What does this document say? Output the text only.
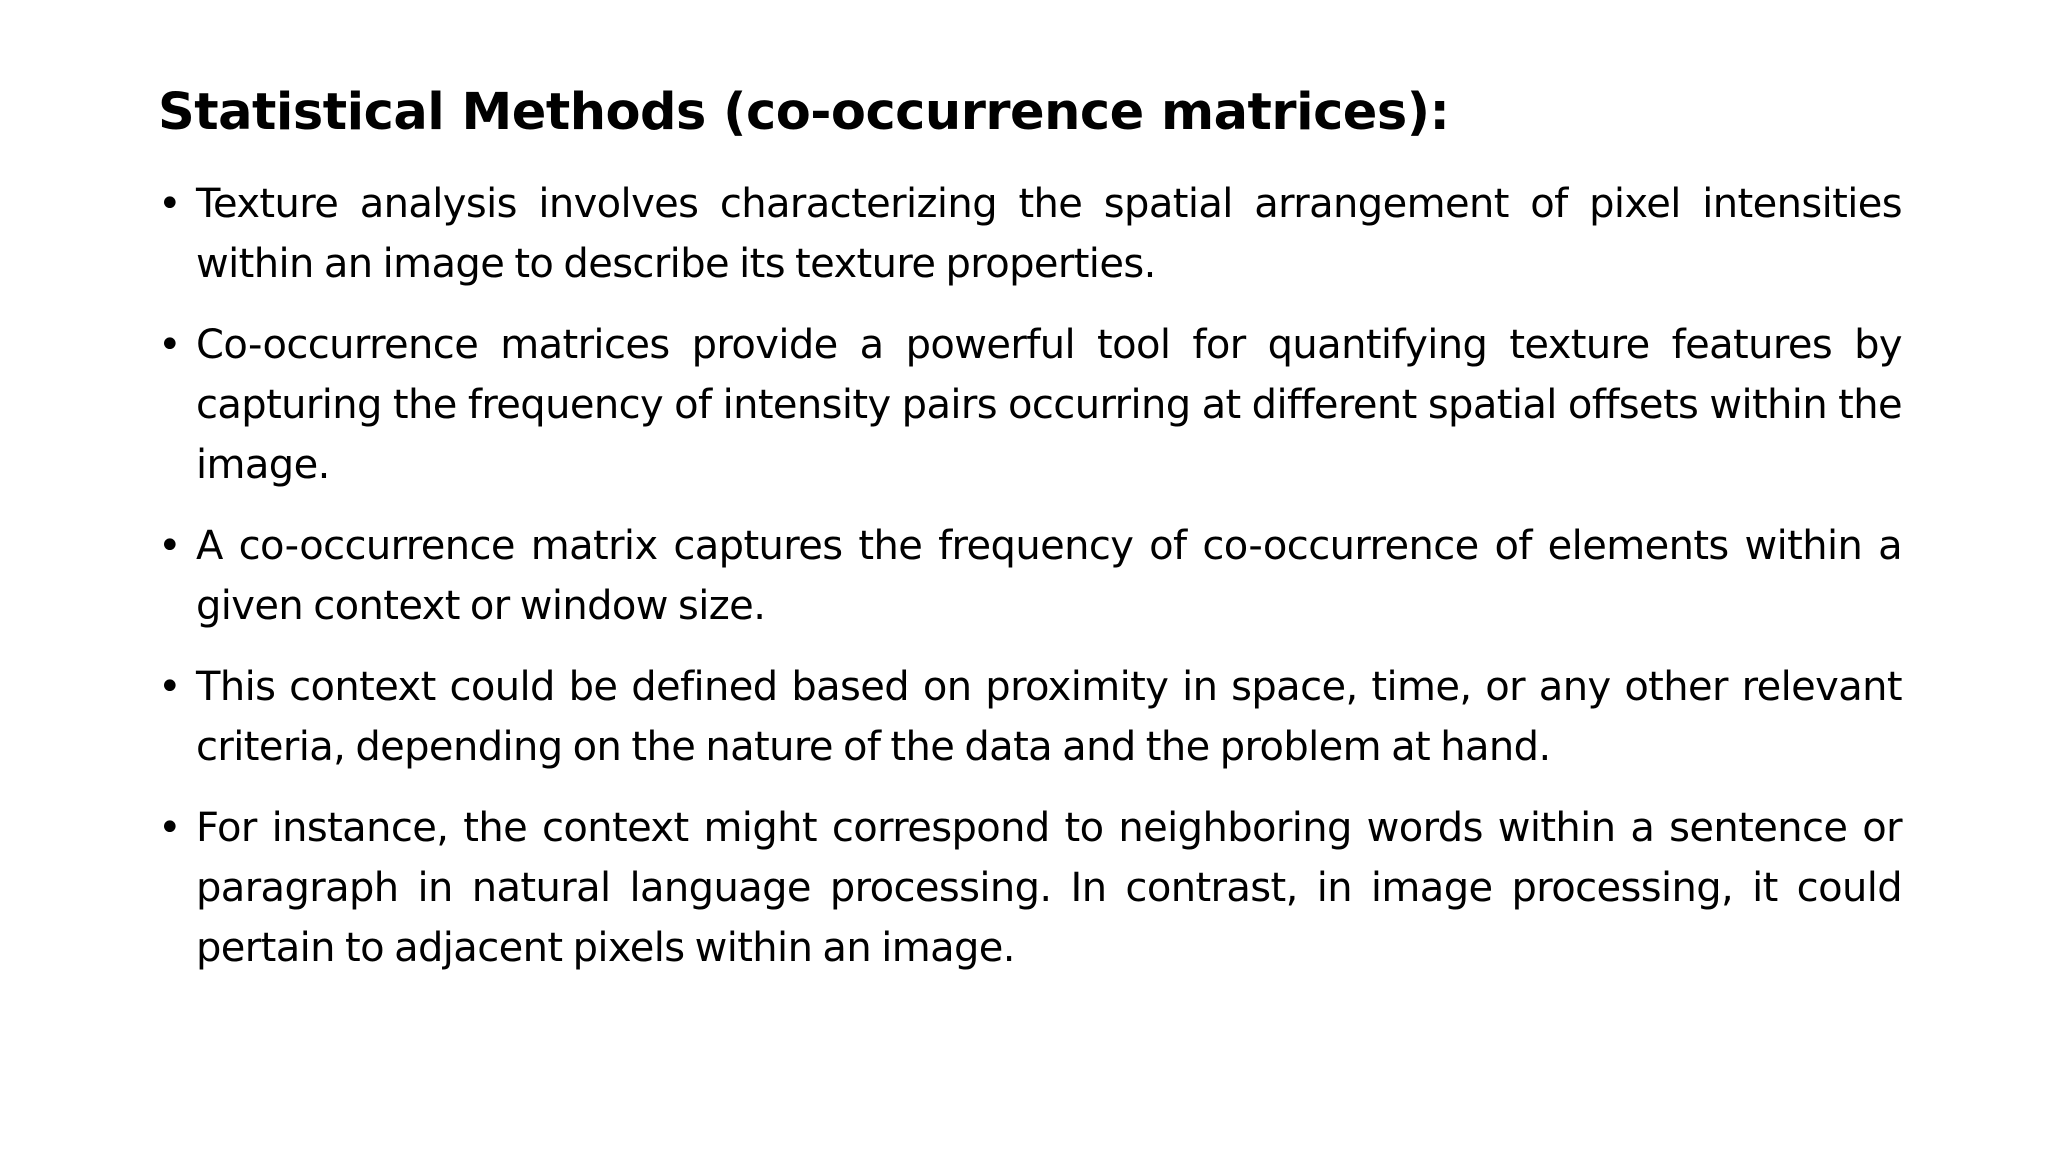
Statistical Methods (co-occurrence matrices):
• Texture analysis involves characterizing the spatial arrangement of pixel intensities within an image to describe its texture properties.
• Co-occurrence matrices provide a powerful tool for quantifying texture features by capturing the frequency of intensity pairs occurring at different spatial offsets within the image.
• A co-occurrence matrix captures the frequency of co-occurrence of elements within a given context or window size.
• This context could be defined based on proximity in space, time, or any other relevant criteria, depending on the nature of the data and the problem at hand.
• For instance, the context might correspond to neighboring words within a sentence or paragraph in natural language processing. In contrast, in image processing, it could pertain to adjacent pixels within an image.
